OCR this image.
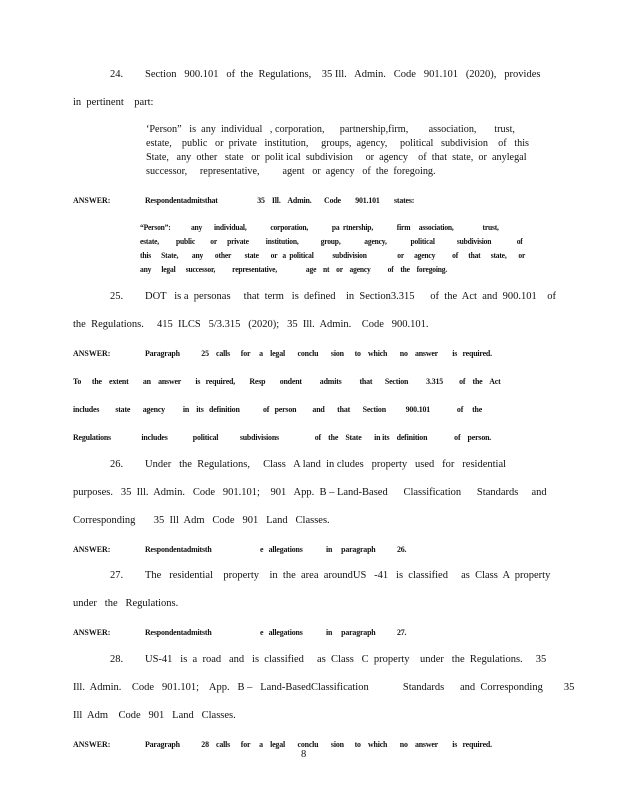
24. Section   900.101   of  the  Regulations,    35 Ill.   Admin.   Code   901.101   (2020),   provides
in  pertinent    part:
‘Person”   is  any  individual   , corporation,      partnership,firm,        association,       trust,
estate,    public   or  private   institution,     groups,  agency,     political   subdivision    of   this
State,   any  other   state   or  polit ical  subdivision     or  agency    of  that  state,  or  anylegal
successor,     representative,         agent   or  agency   of  the  foregoing.
ANSWER:	Respondentadmitsthat                      35    Ill.    Admin.       Code        901.101        states:
“Person”:            any       individual,              corporation,              pa  rtnership,              firm     association,                 trust,
estate,          public         or      private          institution,             group,              agency,              political             subdivision               of
this      State,        any       other        state       or   a  political           subdivision                  or      agency          of      that      state,       or
any      legal      successor,          representative,                 age    nt    or    agency          of    the    foregoing.
25. DOT   is a  personas     that  term   is  defined    in  Section3.315      of  the  Act  and  900.101    of
the  Regulations.     415  ILCS   5/3.315   (2020);   35  Ill.  Admin.    Code   900.101.
ANSWER:	Paragraph            25    calls      for     a    legal       conclu       sion      to    which       no    answer        is   required.
To      the    extent        an    answer        is   required,        Resp        ondent          admits          that       Section          3.315         of    the    Act
includes         state       agency          in    its   definition             of   person         and       that       Section           900.101               of     the
Regulations                 includes              political            subdivisions                    of    the    State       in its    definition               of    person.
26. Under   the  Regulations,     Class   A land  in cludes   property   used   for   residential
purposes.   35  Ill.  Admin.   Code   901.101;    901   App.  B – Land-Based      Classification      Standards     and
Corresponding       35  Ill  Adm   Code   901   Land   Classes.
ANSWER:	Respondentadmitsth                           e   allegations             in     paragraph            26.
27. The   residential    property    in  the  area  aroundUS   -41   is  classified     as  Class  A  property
under   the   Regulations.
ANSWER:	Respondentadmitsth                           e   allegations             in     paragraph            27.
28. US-41   is  a  road   and   is  classified     as  Class   C  property    under   the  Regulations.     35
Ill.  Admin.    Code   901.101;    App.   B –   Land-BasedClassification             Standards      and  Corresponding        35
Ill  Adm    Code   901   Land   Classes.
ANSWER:	Paragraph            28    calls      for     a    legal       conclu       sion      to    which       no    answer        is   required.
8
